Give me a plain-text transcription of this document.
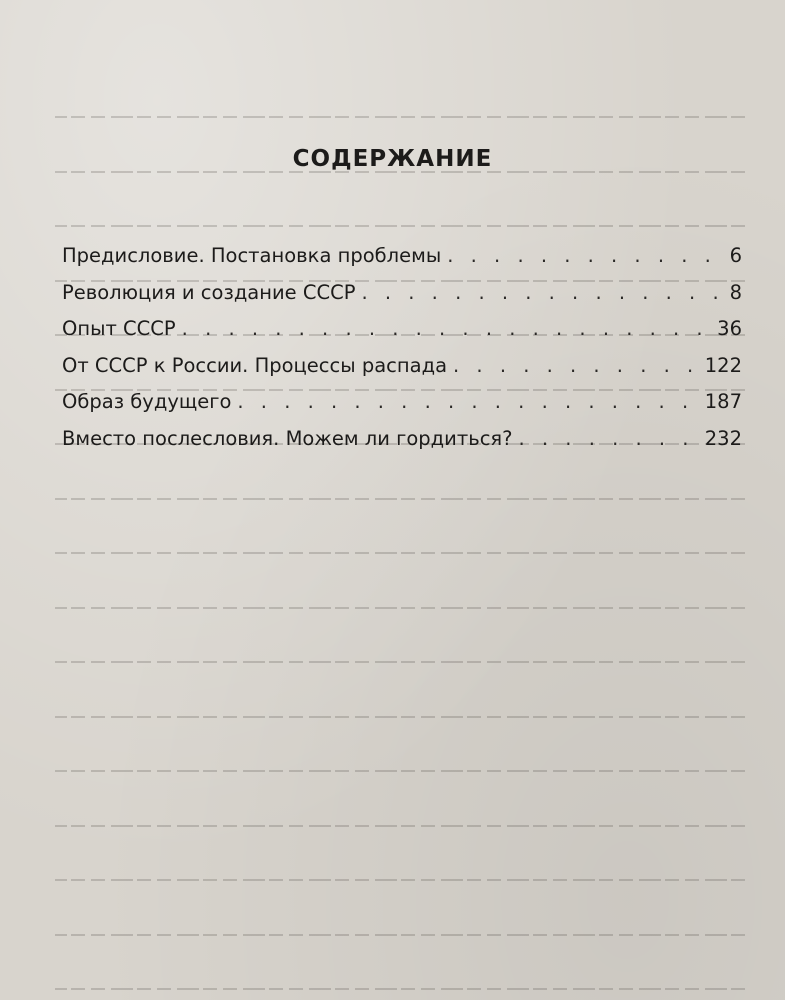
СОДЕРЖАНИЕ
Предисловие. Постановка проблемы . . .	6
Революция и создание СССР . . .	8
Опыт СССР . . .	36
От СССР к России. Процессы распада . . .	122
Образ будущего . . .	187
Вместо послесловия. Можем ли гордиться? . . .	232
